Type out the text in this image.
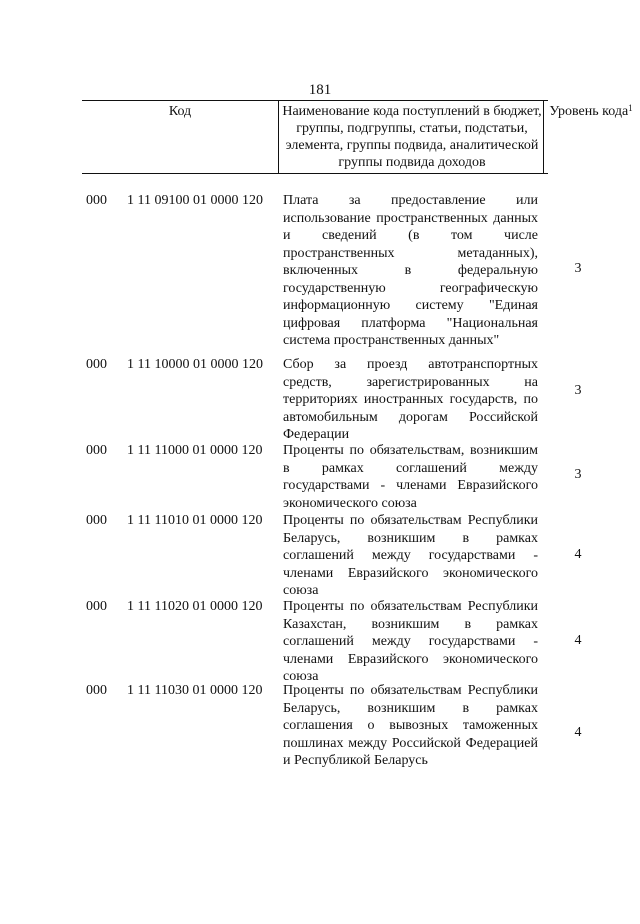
181
Код	Наименование кода поступлений в бюджет, группы, подгруппы, статьи, подстатьи, элемента, группы подвида, аналитической группы подвида доходов
Уровень кода$^1$
000 1 11 09100 01 0000 120 Плата за предоставление или использование пространственных данных и сведений (в том числе пространственных метаданных), включенных в федеральную государственную географическую информационную систему "Единая цифровая платформа "Национальная система пространственных данных"
3
000 1 11 10000 01 0000 120 Сбор за проезд автотранспортных средств, зарегистрированных на территориях иностранных государств, по автомобильным дорогам Российской Федерации
3
000 1 11 11000 01 0000 120 Проценты по обязательствам, возникшим в рамках соглашений между государствами - членами Евразийского экономического союза
3
000 1 11 11010 01 0000 120 Проценты по обязательствам Республики Беларусь, возникшим в рамках соглашений между государствами - членами Евразийского экономического союза
4
000 1 11 11020 01 0000 120 Проценты по обязательствам Республики Казахстан, возникшим в рамках соглашений между государствами - членами Евразийского экономического союза
4
000 1 11 11030 01 0000 120 Проценты по обязательствам Республики Беларусь, возникшим в рамках соглашения о вывозных таможенных пошлинах между Российской Федерацией и Республикой Беларусь
4
